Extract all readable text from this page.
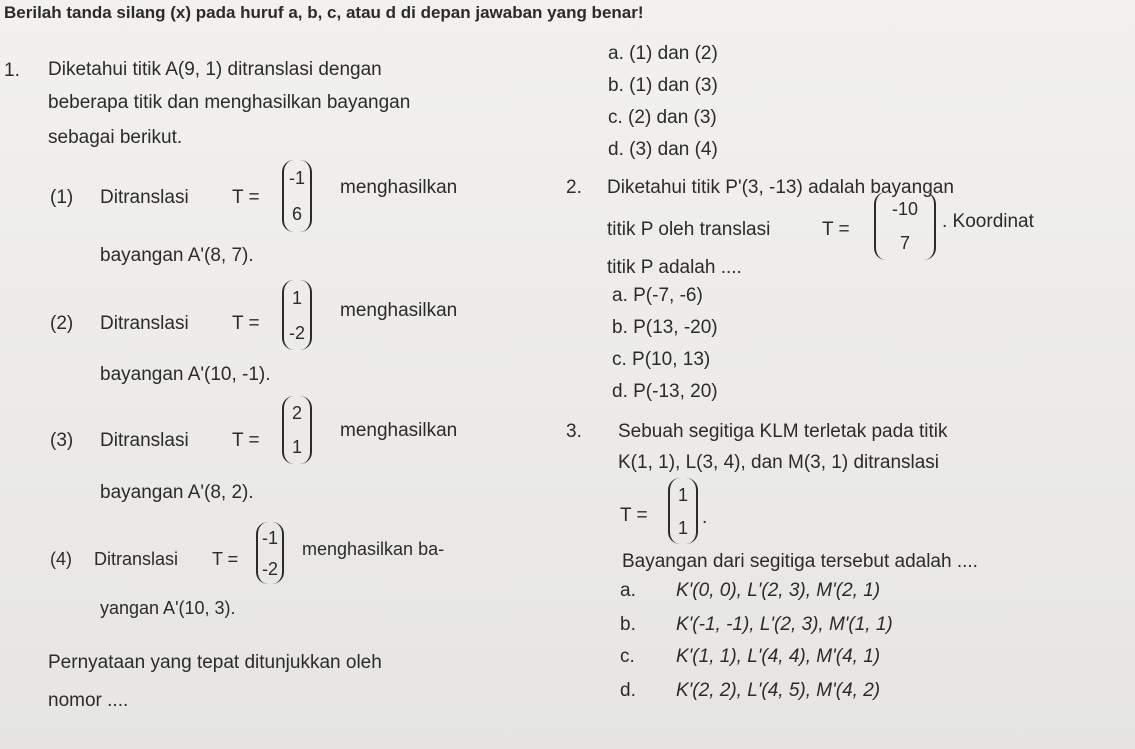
Berilah tanda silang (x) pada huruf a, b, c, atau d di depan jawaban yang benar!
1. Diketahui titik A(9, 1) ditranslasi dengan
beberapa titik dan menghasilkan bayangan
sebagai berikut.
(1) Ditranslasi T =
-1
6
menghasilkan
bayangan A'(8, 7).
(2) Ditranslasi T =
1
-2
menghasilkan
bayangan A'(10, -1).
(3) Ditranslasi T =
2
1
menghasilkan
bayangan A'(8, 2).
(4) Ditranslasi T =
-1
-2
menghasilkan ba-
yangan A'(10, 3).
Pernyataan yang tepat ditunjukkan oleh
nomor ....
a. (1) dan (2)
b. (1) dan (3)
c. (2) dan (3)
d. (3) dan (4)
2. Diketahui titik P'(3, -13) adalah bayangan
titik P oleh translasi	T =
-10
7
. Koordinat
titik P adalah ....
a. P(-7, -6)
b. P(13, -20)
c. P(10, 13)
d. P(-13, 20)
3. Sebuah segitiga KLM terletak pada titik
K(1, 1), L(3, 4), dan M(3, 1) ditranslasi
T =
1
1 .
Bayangan dari segitiga tersebut adalah ....
a. K'(0, 0), L'(2, 3), M'(2, 1)
b. K'(-1, -1), L'(2, 3), M'(1, 1)
c. K'(1, 1), L'(4, 4), M'(4, 1)
d. K'(2, 2), L'(4, 5), M'(4, 2)
